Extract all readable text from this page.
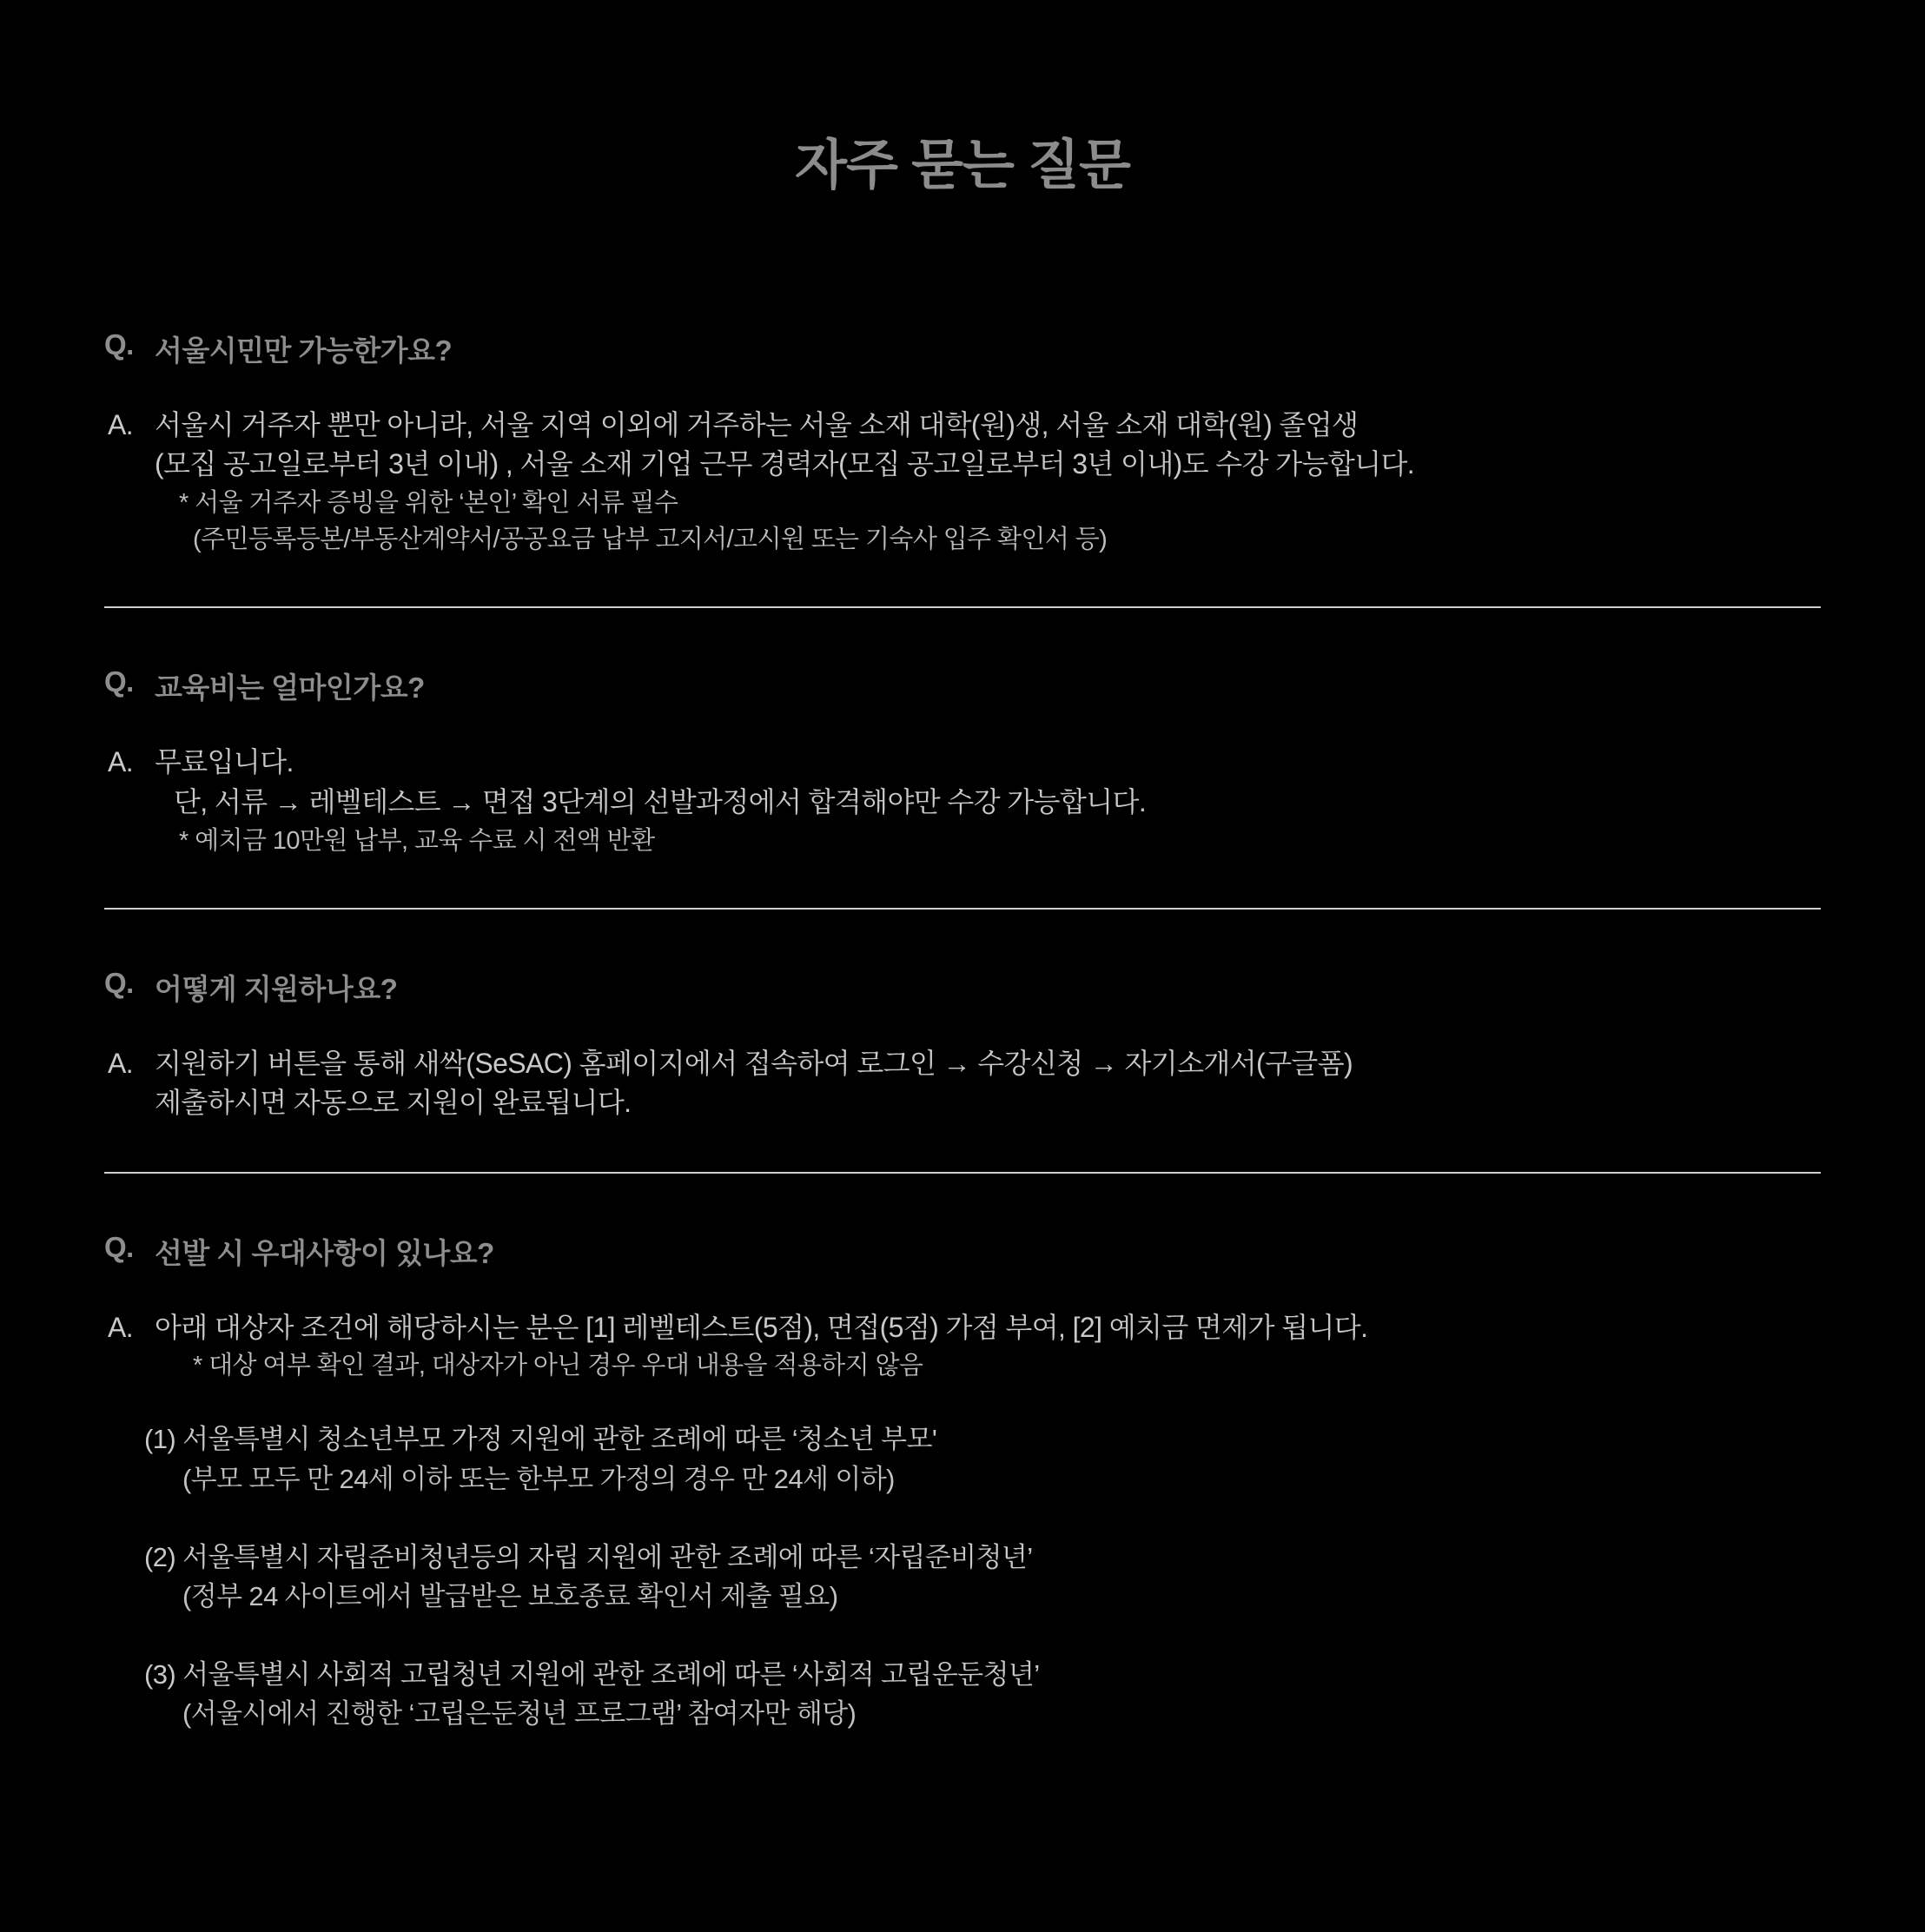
자주 묻는 질문
Q. 서울시민만 가능한가요?
A. 서울시 거주자 뿐만 아니라, 서울 지역 이외에 거주하는 서울 소재 대학(원)생, 서울 소재 대학(원) 졸업생
(모집 공고일로부터 3년 이내) , 서울 소재 기업 근무 경력자(모집 공고일로부터 3년 이내)도 수강 가능합니다.
* 서울 거주자 증빙을 위한 ‘본인’ 확인 서류 필수
(주민등록등본/부동산계약서/공공요금 납부 고지서/고시원 또는 기숙사 입주 확인서 등)
Q. 교육비는 얼마인가요?
A. 무료입니다.
단, 서류 → 레벨테스트 → 면접 3단계의 선발과정에서 합격해야만 수강 가능합니다.
* 예치금 10만원 납부, 교육 수료 시 전액 반환
Q. 어떻게 지원하나요?
A. 지원하기 버튼을 통해 새싹(SeSAC) 홈페이지에서 접속하여 로그인 → 수강신청 → 자기소개서(구글폼)
제출하시면 자동으로 지원이 완료됩니다.
Q. 선발 시 우대사항이 있나요?
A. 아래 대상자 조건에 해당하시는 분은 [1] 레벨테스트(5점), 면접(5점) 가점 부여, [2] 예치금 면제가 됩니다.
* 대상 여부 확인 결과, 대상자가 아닌 경우 우대 내용을 적용하지 않음
(1) 서울특별시 청소년부모 가정 지원에 관한 조례에 따른 ‘청소년 부모'
(부모 모두 만 24세 이하 또는 한부모 가정의 경우 만 24세 이하)
(2) 서울특별시 자립준비청년등의 자립 지원에 관한 조례에 따른 ‘자립준비청년’
(정부 24 사이트에서 발급받은 보호종료 확인서 제출 필요)
(3) 서울특별시 사회적 고립청년 지원에 관한 조례에 따른 ‘사회적 고립운둔청년’
(서울시에서 진행한 ‘고립은둔청년 프로그램’ 참여자만 해당)
